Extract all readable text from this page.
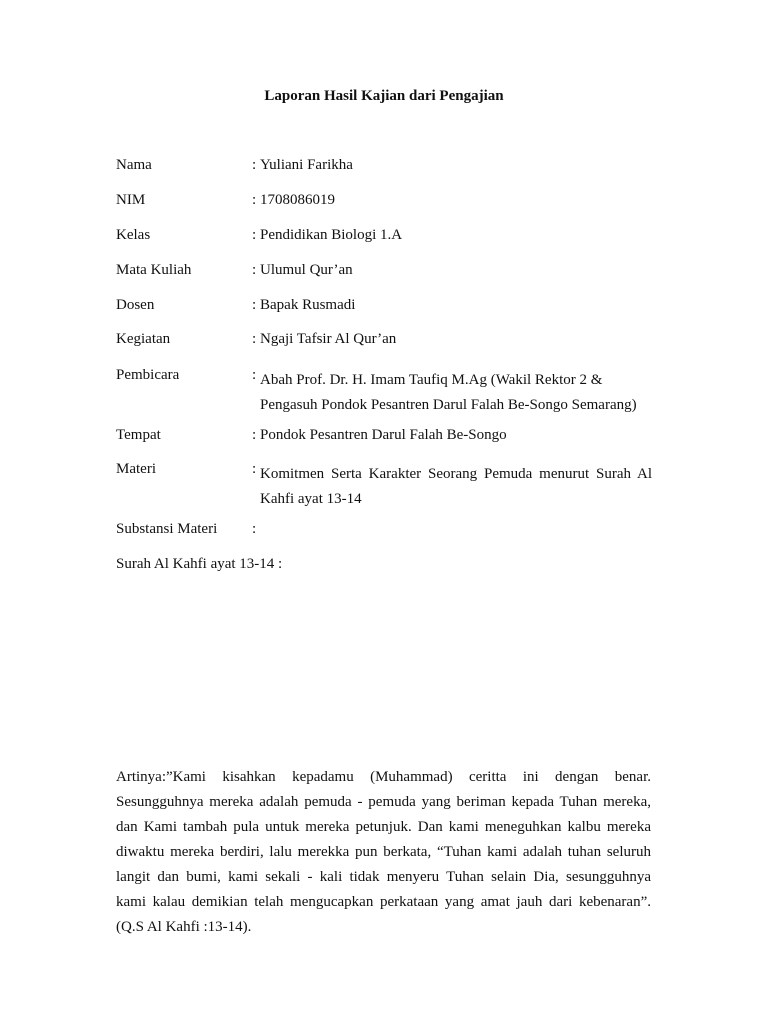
Laporan Hasil Kajian dari Pengajian
Nama	: Yuliani Farikha
NIM	: 1708086019
Kelas	: Pendidikan Biologi 1.A
Mata Kuliah	: Ulumul Qur’an
Dosen	: Bapak Rusmadi
Kegiatan	: Ngaji Tafsir Al Qur’an
Pembicara	: Abah Prof. Dr. H. Imam Taufiq M.Ag (Wakil Rektor 2 &
Pengasuh Pondok Pesantren Darul Falah Be-Songo Semarang)
Tempat	: Pondok Pesantren Darul Falah Be-Songo
Materi	: Komitmen Serta Karakter Seorang Pemuda menurut Surah Al
Kahfi ayat 13-14
Substansi Materi :
Surah Al Kahfi ayat 13-14 :
Artinya:”Kami kisahkan kepadamu (Muhammad) ceritta ini dengan benar.
Sesungguhnya mereka adalah pemuda - pemuda yang beriman kepada Tuhan mereka,
dan Kami tambah pula untuk mereka petunjuk. Dan kami meneguhkan kalbu mereka
diwaktu mereka berdiri, lalu merekka pun berkata, “Tuhan kami adalah tuhan seluruh
langit dan bumi, kami sekali - kali tidak menyeru Tuhan selain Dia, sesungguhnya
kami kalau demikian telah mengucapkan perkataan yang amat jauh dari kebenaran”.
(Q.S Al Kahfi :13-14).
